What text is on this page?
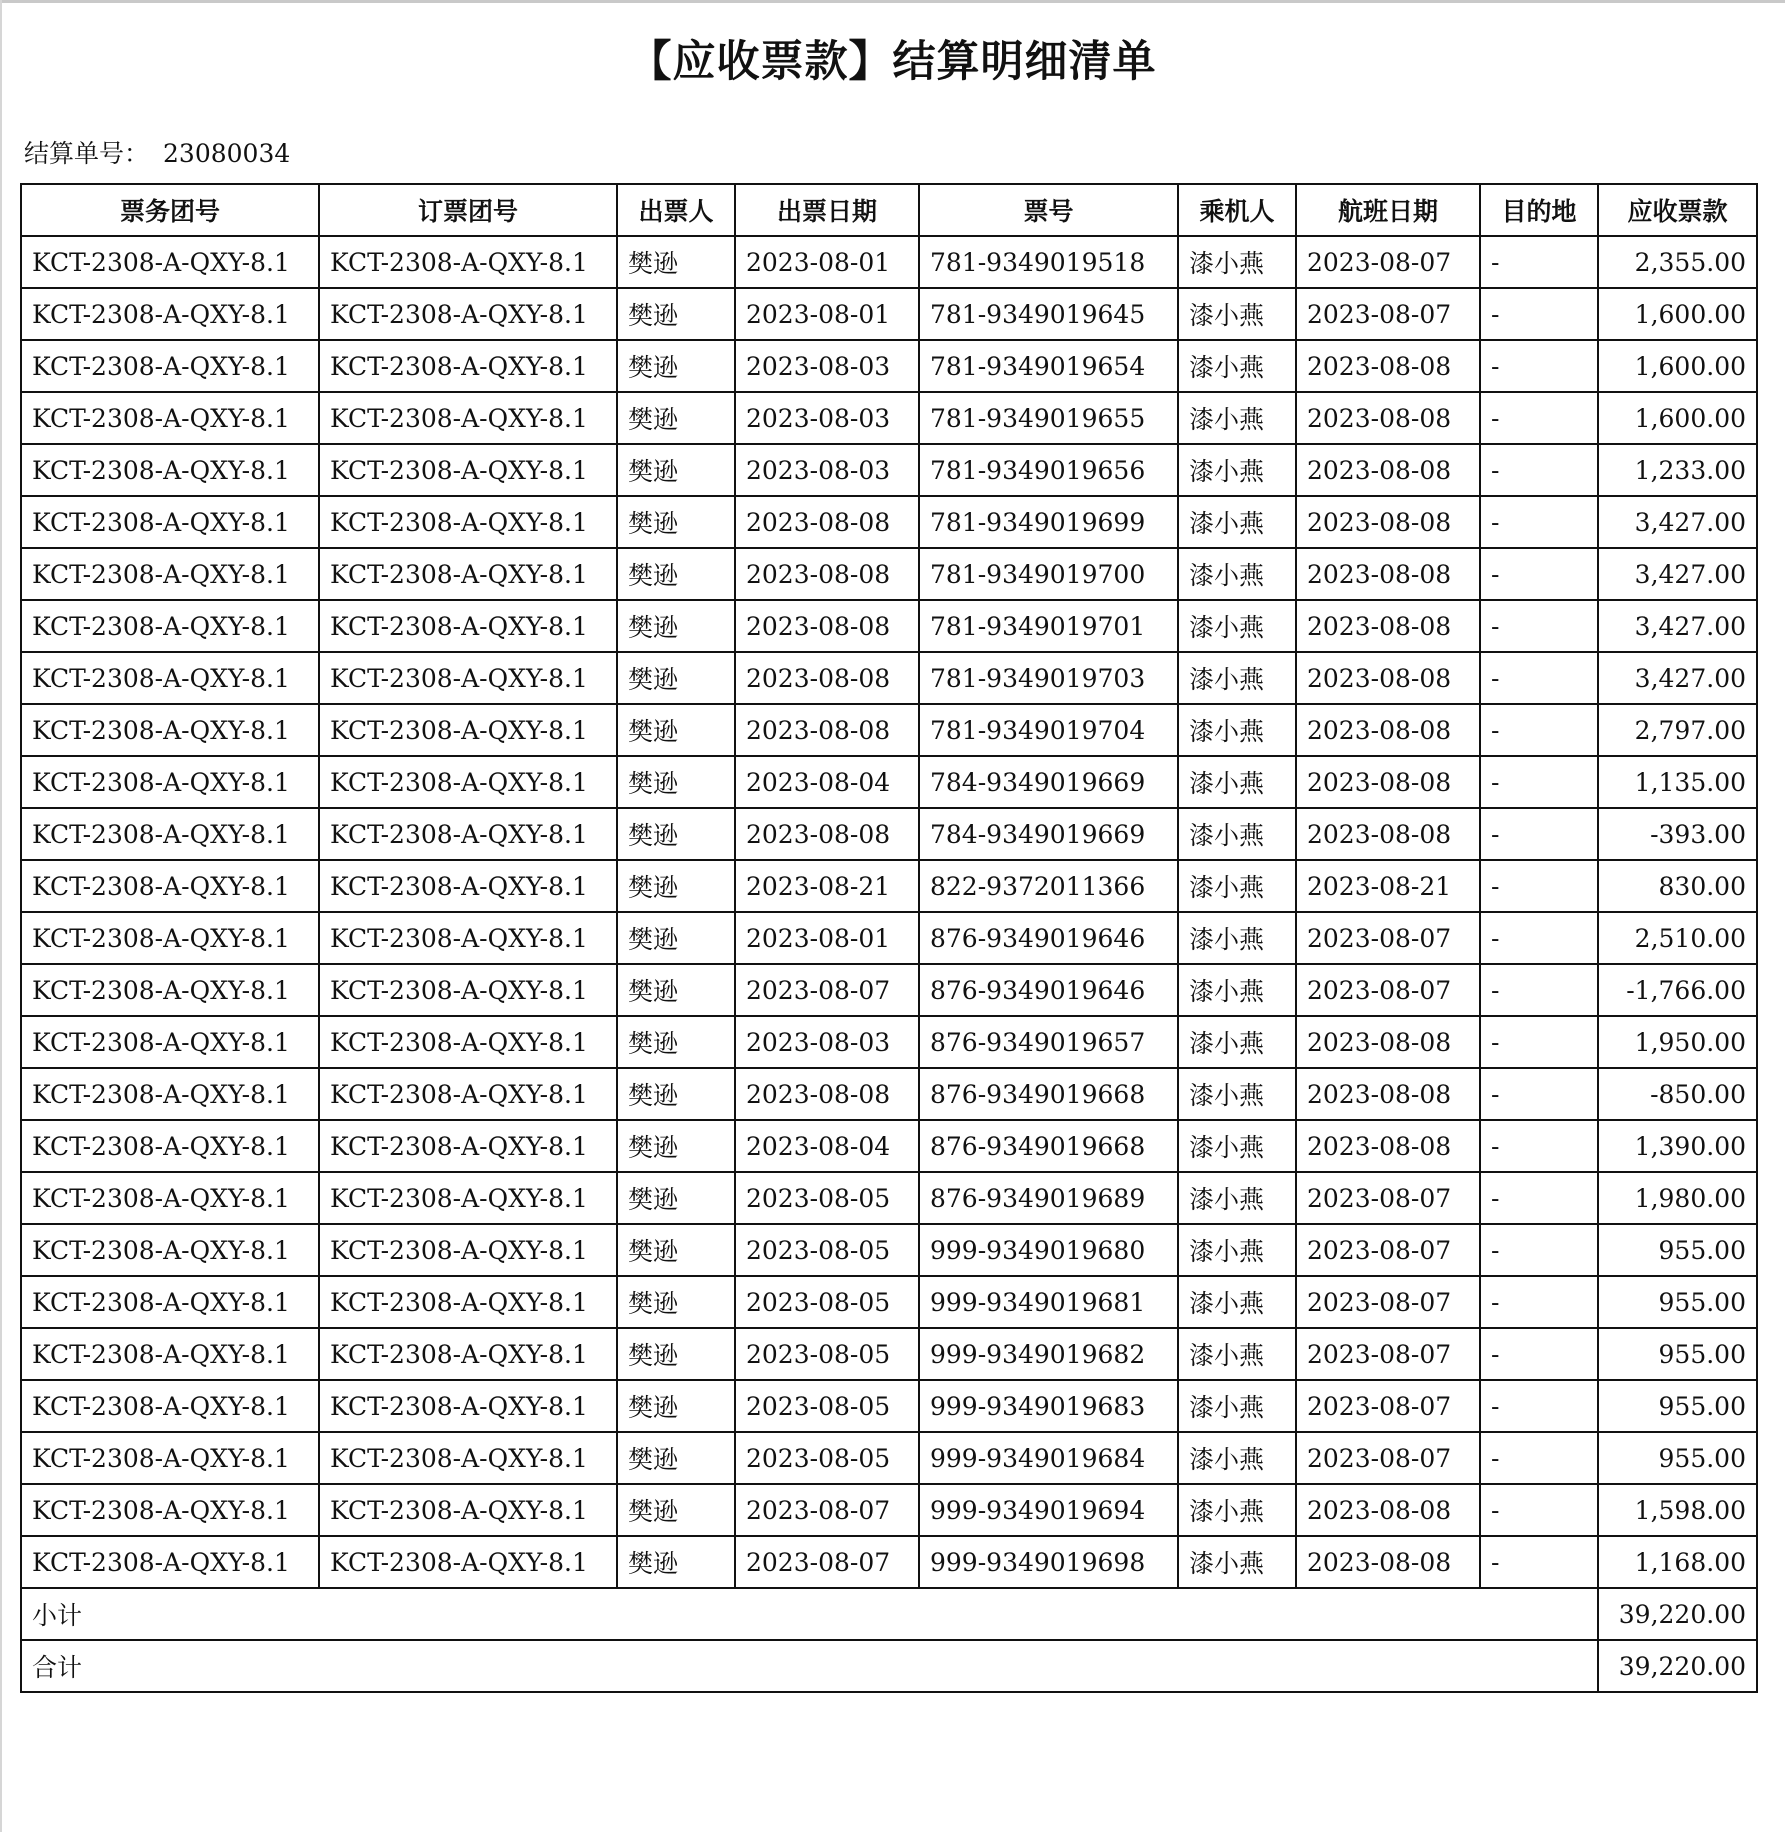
【应收票款】结算明细清单
结算单号： 23080034
票务团号	订票团号	出票人	出票日期	票号	乘机人	航班日期	目的地	应收票款
KCT-2308-A-QXY-8.1	KCT-2308-A-QXY-8.1	樊逊	2023-08-01	781-9349019518	漆小燕	2023-08-07	-	2,355.00
KCT-2308-A-QXY-8.1	KCT-2308-A-QXY-8.1	樊逊	2023-08-01	781-9349019645	漆小燕	2023-08-07	-	1,600.00
KCT-2308-A-QXY-8.1	KCT-2308-A-QXY-8.1	樊逊	2023-08-03	781-9349019654	漆小燕	2023-08-08	-	1,600.00
KCT-2308-A-QXY-8.1	KCT-2308-A-QXY-8.1	樊逊	2023-08-03	781-9349019655	漆小燕	2023-08-08	-	1,600.00
KCT-2308-A-QXY-8.1	KCT-2308-A-QXY-8.1	樊逊	2023-08-03	781-9349019656	漆小燕	2023-08-08	-	1,233.00
KCT-2308-A-QXY-8.1	KCT-2308-A-QXY-8.1	樊逊	2023-08-08	781-9349019699	漆小燕	2023-08-08	-	3,427.00
KCT-2308-A-QXY-8.1	KCT-2308-A-QXY-8.1	樊逊	2023-08-08	781-9349019700	漆小燕	2023-08-08	-	3,427.00
KCT-2308-A-QXY-8.1	KCT-2308-A-QXY-8.1	樊逊	2023-08-08	781-9349019701	漆小燕	2023-08-08	-	3,427.00
KCT-2308-A-QXY-8.1	KCT-2308-A-QXY-8.1	樊逊	2023-08-08	781-9349019703	漆小燕	2023-08-08	-	3,427.00
KCT-2308-A-QXY-8.1	KCT-2308-A-QXY-8.1	樊逊	2023-08-08	781-9349019704	漆小燕	2023-08-08	-	2,797.00
KCT-2308-A-QXY-8.1	KCT-2308-A-QXY-8.1	樊逊	2023-08-04	784-9349019669	漆小燕	2023-08-08	-	1,135.00
KCT-2308-A-QXY-8.1	KCT-2308-A-QXY-8.1	樊逊	2023-08-08	784-9349019669	漆小燕	2023-08-08	-	-393.00
KCT-2308-A-QXY-8.1	KCT-2308-A-QXY-8.1	樊逊	2023-08-21	822-9372011366	漆小燕	2023-08-21	-	830.00
KCT-2308-A-QXY-8.1	KCT-2308-A-QXY-8.1	樊逊	2023-08-01	876-9349019646	漆小燕	2023-08-07	-	2,510.00
KCT-2308-A-QXY-8.1	KCT-2308-A-QXY-8.1	樊逊	2023-08-07	876-9349019646	漆小燕	2023-08-07	-	-1,766.00
KCT-2308-A-QXY-8.1	KCT-2308-A-QXY-8.1	樊逊	2023-08-03	876-9349019657	漆小燕	2023-08-08	-	1,950.00
KCT-2308-A-QXY-8.1	KCT-2308-A-QXY-8.1	樊逊	2023-08-08	876-9349019668	漆小燕	2023-08-08	-	-850.00
KCT-2308-A-QXY-8.1	KCT-2308-A-QXY-8.1	樊逊	2023-08-04	876-9349019668	漆小燕	2023-08-08	-	1,390.00
KCT-2308-A-QXY-8.1	KCT-2308-A-QXY-8.1	樊逊	2023-08-05	876-9349019689	漆小燕	2023-08-07	-	1,980.00
KCT-2308-A-QXY-8.1	KCT-2308-A-QXY-8.1	樊逊	2023-08-05	999-9349019680	漆小燕	2023-08-07	-	955.00
KCT-2308-A-QXY-8.1	KCT-2308-A-QXY-8.1	樊逊	2023-08-05	999-9349019681	漆小燕	2023-08-07	-	955.00
KCT-2308-A-QXY-8.1	KCT-2308-A-QXY-8.1	樊逊	2023-08-05	999-9349019682	漆小燕	2023-08-07	-	955.00
KCT-2308-A-QXY-8.1	KCT-2308-A-QXY-8.1	樊逊	2023-08-05	999-9349019683	漆小燕	2023-08-07	-	955.00
KCT-2308-A-QXY-8.1	KCT-2308-A-QXY-8.1	樊逊	2023-08-05	999-9349019684	漆小燕	2023-08-07	-	955.00
KCT-2308-A-QXY-8.1	KCT-2308-A-QXY-8.1	樊逊	2023-08-07	999-9349019694	漆小燕	2023-08-08	-	1,598.00
KCT-2308-A-QXY-8.1	KCT-2308-A-QXY-8.1	樊逊	2023-08-07	999-9349019698	漆小燕	2023-08-08	-	1,168.00
小计								39,220.00
合计								39,220.00
